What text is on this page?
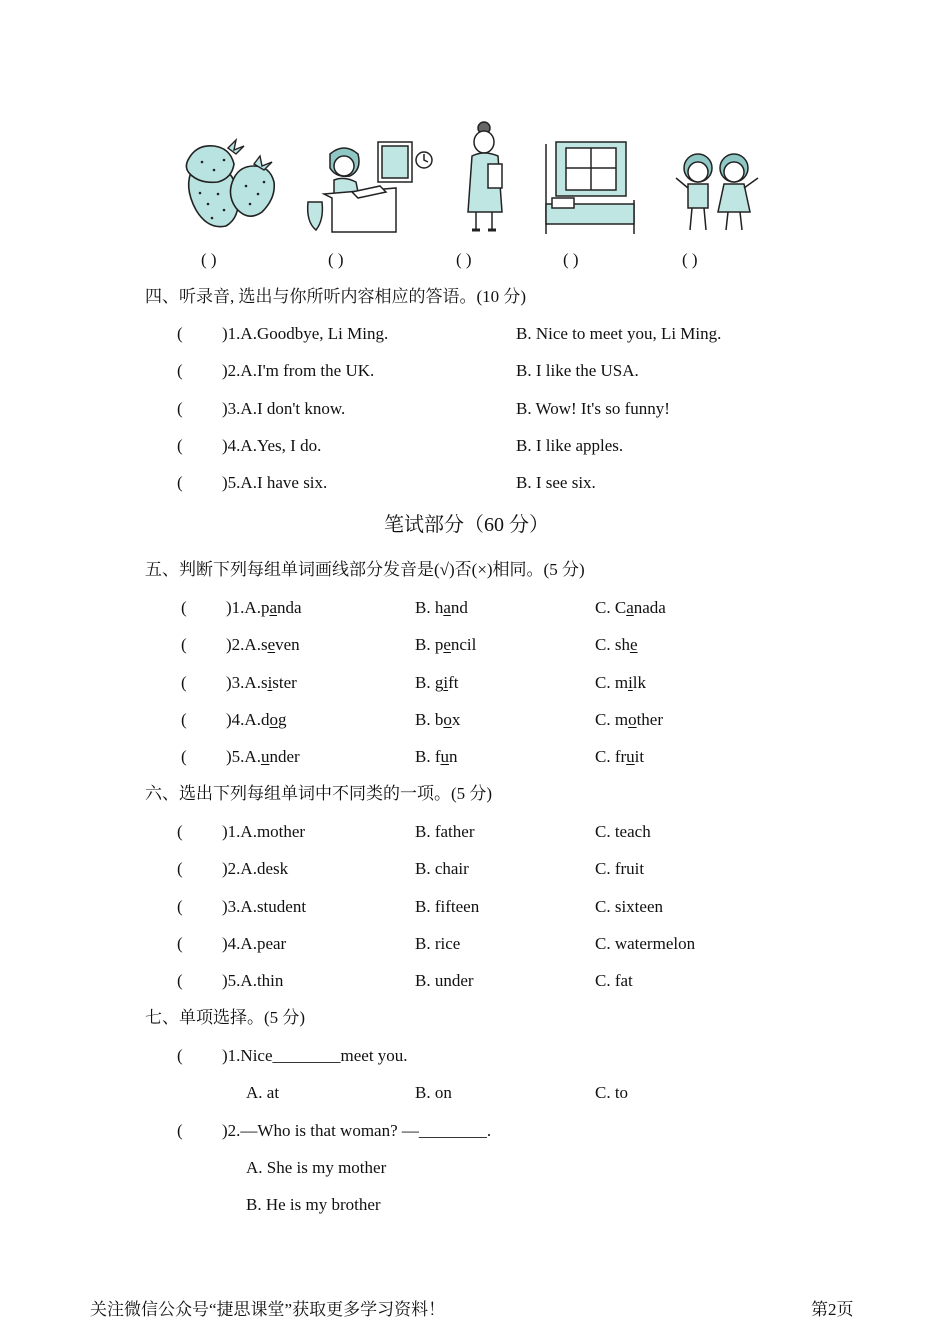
( )	( )	( )	( )	( )
四、听录音, 选出与你所听内容相应的答语。(10 分)
( )1.A.Goodbye, Li Ming.	B. Nice to meet you, Li Ming.
( )2.A.I'm from the UK.	B. I like the USA.
( )3.A.I don't know.	B. Wow! It's so funny!
( )4.A.Yes, I do.	B. I like apples.
( )5.A.I have six.	B. I see six.
笔试部分（60 分）
五、判断下列每组单词画线部分发音是(√)否(×)相同。(5 分)
( )1.A.panda	B. hand	C. Canada
( )2.A.seven	B. pencil	C. she
( )3.A.sister	B. gift	C. milk
( )4.A.dog	B. box	C. mother
( )5.A.under	B. fun	C. fruit
六、选出下列每组单词中不同类的一项。(5 分)
( )1.A.mother	B. father	C. teach
( )2.A.desk	B. chair	C. fruit
( )3.A.student	B. fifteen	C. sixteen
( )4.A.pear	B. rice	C. watermelon
( )5.A.thin	B. under	C. fat
七、单项选择。(5 分)
( )1.Nice________meet you.
A. at	B. on	C. to
( )2.—Who is that woman? —________.
A. She is my mother
B. He is my brother
关注微信公众号“捷思课堂”获取更多学习资料！	第2页
